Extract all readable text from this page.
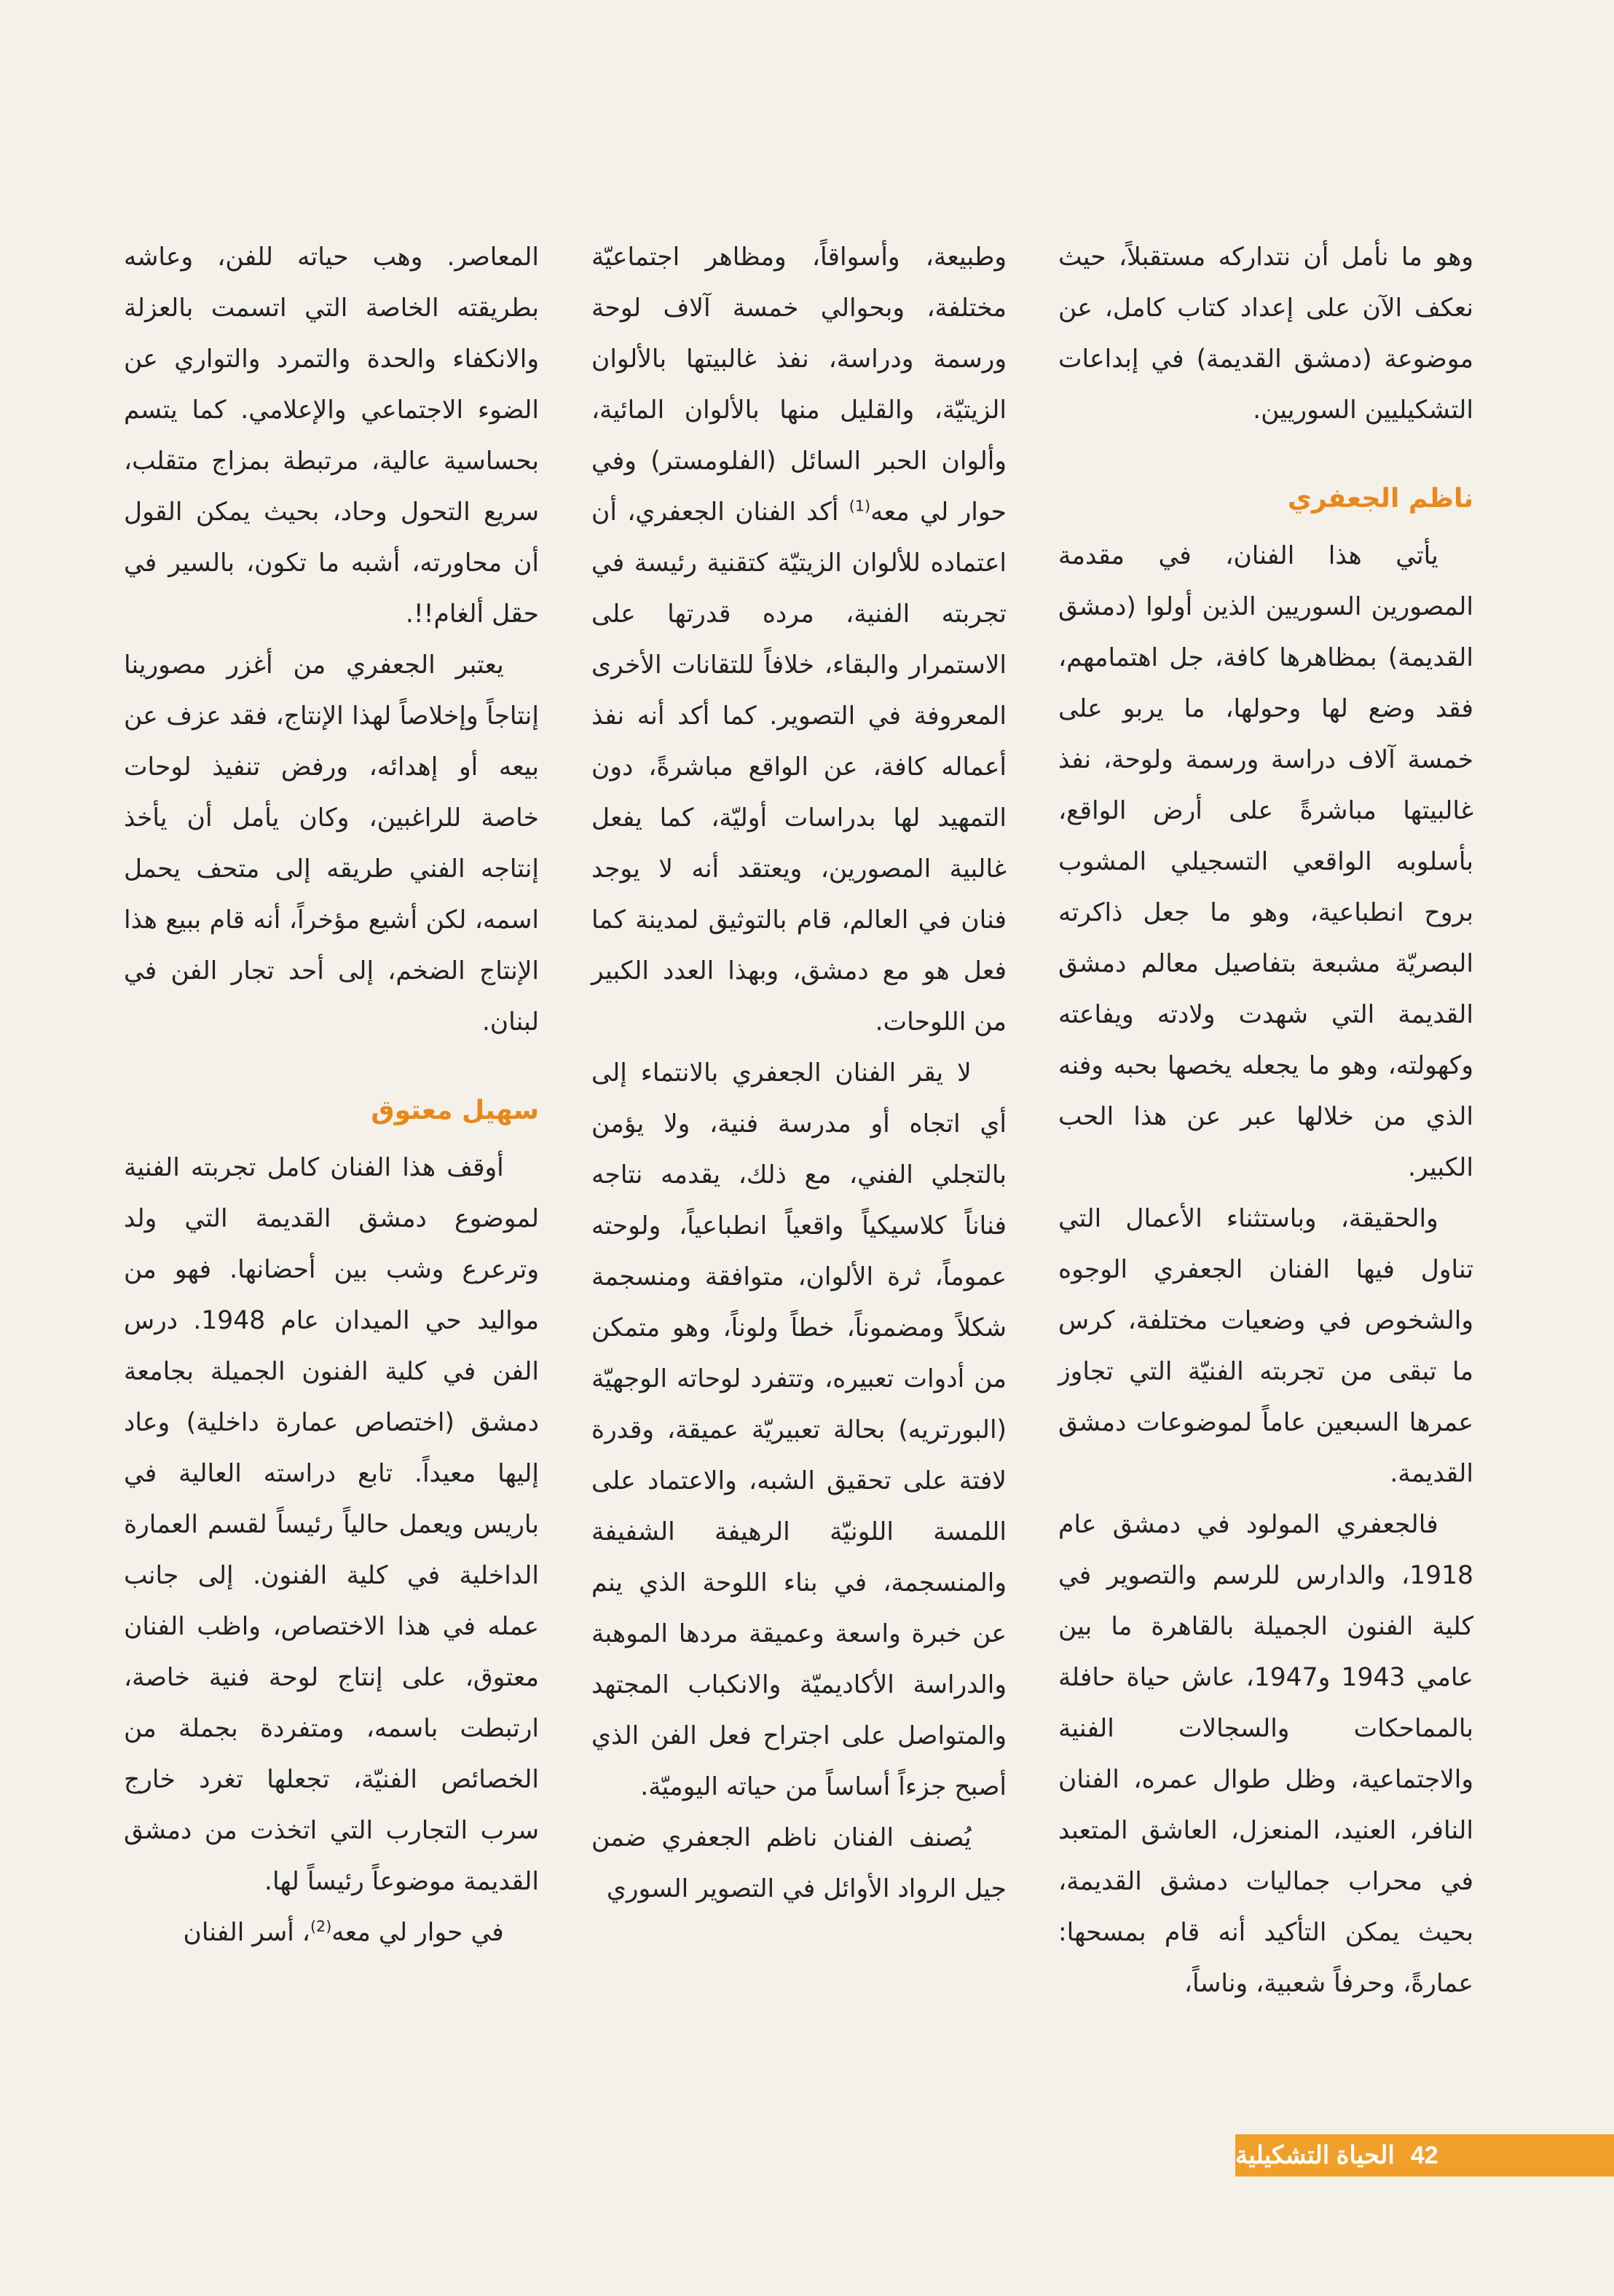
وهو ما نأمل أن نتداركه مستقبلاً، حيث نعكف الآن على إعداد كتاب كامل، عن موضوعة (دمشق القديمة) في إبداعات التشكيليين السوريين.

ناظم الجعفري

يأتي هذا الفنان، في مقدمة المصورين السوريين الذين أولوا (دمشق القديمة) بمظاهرها كافة، جل اهتمامهم، فقد وضع لها وحولها، ما يربو على خمسة آلاف دراسة ورسمة ولوحة، نفذ غالبيتها مباشرةً على أرض الواقع، بأسلوبه الواقعي التسجيلي المشوب بروح انطباعية، وهو ما جعل ذاكرته البصريّة مشبعة بتفاصيل معالم دمشق القديمة التي شهدت ولادته ويفاعته وكهولته، وهو ما يجعله يخصها بحبه وفنه الذي من خلالها عبر عن هذا الحب الكبير.

والحقيقة، وباستثناء الأعمال التي تناول فيها الفنان الجعفري الوجوه والشخوص في وضعيات مختلفة، كرس ما تبقى من تجربته الفنيّة التي تجاوز عمرها السبعين عاماً لموضوعات دمشق القديمة.

فالجعفري المولود في دمشق عام 1918، والدارس للرسم والتصوير في كلية الفنون الجميلة بالقاهرة ما بين عامي 1943 و1947، عاش حياة حافلة بالمماحكات والسجالات الفنية والاجتماعية، وظل طوال عمره، الفنان النافر، العنيد، المنعزل، العاشق المتعبد في محراب جماليات دمشق القديمة، بحيث يمكن التأكيد أنه قام بمسحها: عمارةً، وحرفاً شعبية، وناساً،

وطبيعة، وأسواقاً، ومظاهر اجتماعيّة مختلفة، وبحوالي خمسة آلاف لوحة ورسمة ودراسة، نفذ غالبيتها بالألوان الزيتيّة، والقليل منها بالألوان المائية، وألوان الحبر السائل (الفلومستر) وفي حوار لي معه$^{(1)}$ أكد الفنان الجعفري، أن اعتماده للألوان الزيتيّة كتقنية رئيسة في تجربته الفنية، مرده قدرتها على الاستمرار والبقاء، خلافاً للتقانات الأخرى المعروفة في التصوير. كما أكد أنه نفذ أعماله كافة، عن الواقع مباشرةً، دون التمهيد لها بدراسات أوليّة، كما يفعل غالبية المصورين، ويعتقد أنه لا يوجد فنان في العالم، قام بالتوثيق لمدينة كما فعل هو مع دمشق، وبهذا العدد الكبير من اللوحات.

لا يقر الفنان الجعفري بالانتماء إلى أي اتجاه أو مدرسة فنية، ولا يؤمن بالتجلي الفني، مع ذلك، يقدمه نتاجه فناناً كلاسيكياً واقعياً انطباعياً، ولوحته عموماً، ثرة الألوان، متوافقة ومنسجمة شكلاً ومضموناً، خطاً ولوناً، وهو متمكن من أدوات تعبيره، وتتفرد لوحاته الوجهيّة (البورتريه) بحالة تعبيريّة عميقة، وقدرة لافتة على تحقيق الشبه، والاعتماد على اللمسة اللونيّة الرهيفة الشفيفة والمنسجمة، في بناء اللوحة الذي ينم عن خبرة واسعة وعميقة مردها الموهبة والدراسة الأكاديميّة والانكباب المجتهد والمتواصل على اجتراح فعل الفن الذي أصبح جزءاً أساساً من حياته اليوميّة.

يُصنف الفنان ناظم الجعفري ضمن جيل الرواد الأوائل في التصوير السوري

المعاصر. وهب حياته للفن، وعاشه بطريقته الخاصة التي اتسمت بالعزلة والانكفاء والحدة والتمرد والتواري عن الضوء الاجتماعي والإعلامي. كما يتسم بحساسية عالية، مرتبطة بمزاج متقلب، سريع التحول وحاد، بحيث يمكن القول أن محاورته، أشبه ما تكون، بالسير في حقل ألغام!!.

يعتبر الجعفري من أغزر مصورينا إنتاجاً وإخلاصاً لهذا الإنتاج، فقد عزف عن بيعه أو إهدائه، ورفض تنفيذ لوحات خاصة للراغبين، وكان يأمل أن يأخذ إنتاجه الفني طريقه إلى متحف يحمل اسمه، لكن أشيع مؤخراً، أنه قام ببيع هذا الإنتاج الضخم، إلى أحد تجار الفن في لبنان.

سهيل معتوق

أوقف هذا الفنان كامل تجربته الفنية لموضوع دمشق القديمة التي ولد وترعرع وشب بين أحضانها. فهو من مواليد حي الميدان عام 1948. درس الفن في كلية الفنون الجميلة بجامعة دمشق (اختصاص عمارة داخلية) وعاد إليها معيداً. تابع دراسته العالية في باريس ويعمل حالياً رئيساً لقسم العمارة الداخلية في كلية الفنون. إلى جانب عمله في هذا الاختصاص، واظب الفنان معتوق، على إنتاج لوحة فنية خاصة، ارتبطت باسمه، ومتفردة بجملة من الخصائص الفنيّة، تجعلها تغرد خارج سرب التجارب التي اتخذت من دمشق القديمة موضوعاً رئيساً لها.

في حوار لي معه$^{(2)}$، أسر الفنان

42
الحياة التشكيلية
